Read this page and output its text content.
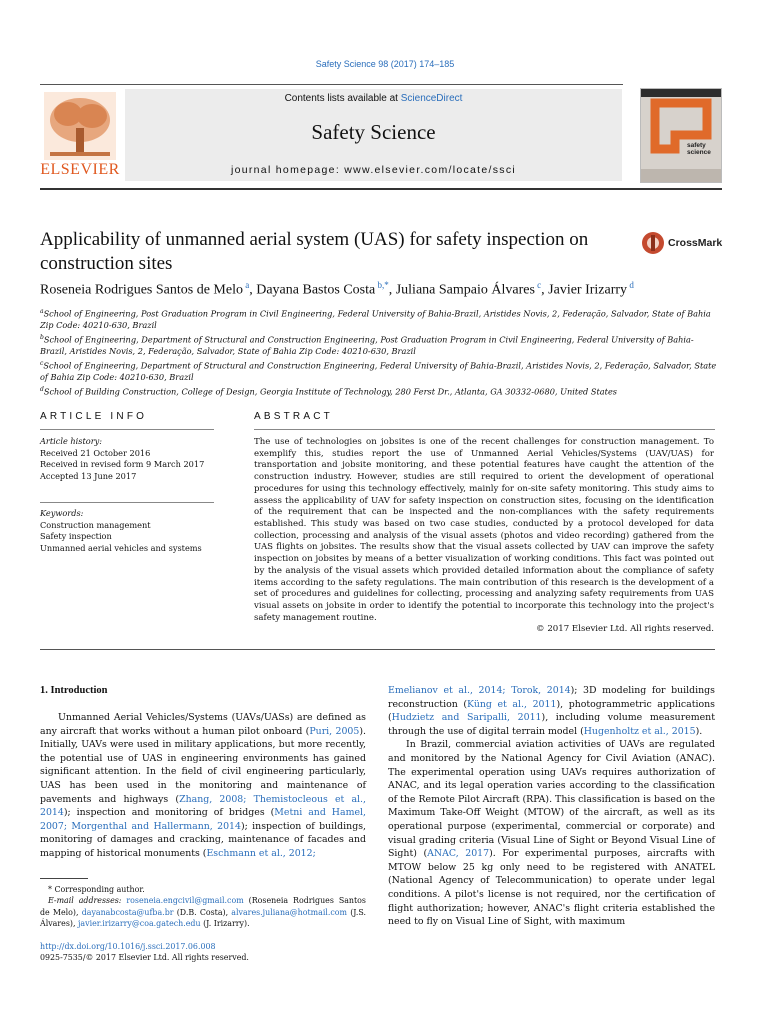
Safety Science 98 (2017) 174–185
ELSEVIER
Contents lists available at ScienceDirect
Safety Science
journal homepage: www.elsevier.com/locate/ssci
safety
science
Applicability of unmanned aerial system (UAS) for safety inspection on construction sites
CrossMark
Roseneia Rodrigues Santos de Melo $^a$, Dayana Bastos Costa $^{b,*}$, Juliana Sampaio Álvares $^c$, Javier Irizarry $^d$
$^a$School of Engineering, Post Graduation Program in Civil Engineering, Federal University of Bahia-Brazil, Aristides Novis, 2, Federação, Salvador, State of Bahia Zip Code: 40210-630, Brazil
$^b$School of Engineering, Department of Structural and Construction Engineering, Post Graduation Program in Civil Engineering, Federal University of Bahia-Brazil, Aristides Novis, 2, Federação, Salvador, State of Bahia Zip Code: 40210-630, Brazil
$^c$School of Engineering, Department of Structural and Construction Engineering, Federal University of Bahia-Brazil, Aristides Novis, 2, Federação, Salvador, State of Bahia Zip Code: 40210-630, Brazil
$^d$School of Building Construction, College of Design, Georgia Institute of Technology, 280 Ferst Dr., Atlanta, GA 30332-0680, United States
ARTICLE INFO
Article history:
Received 21 October 2016
Received in revised form 9 March 2017
Accepted 13 June 2017
Keywords:
Construction management
Safety inspection
Unmanned aerial vehicles and systems
ABSTRACT
The use of technologies on jobsites is one of the recent challenges for construction management. To exemplify this, studies report the use of Unmanned Aerial Vehicles/Systems (UAV/UAS) for transportation and jobsite monitoring, and these potential features have caught the attention of the construction industry. However, studies are still required to orient the development of operational procedures for using this technology effectively, mainly for on-site safety monitoring. This study aims to assess the applicability of UAV for safety inspection on construction sites, focusing on the identification of the requirement that can be inspected and the non-compliances with the safety requirements established. This study was based on two case studies, conducted by a protocol developed for data collection, processing and analysis of the visual assets (photos and video recording) gathered from the UAS flights on jobsites. The results show that the visual assets collected by UAV can improve the safety inspection on jobsites by means of a better visualization of working conditions. This fact was pointed out by the analysis of the visual assets which provided detailed information about the compliance of safety items according to the safety regulations. The main contribution of this research is the development of a set of procedures and guidelines for collecting, processing and analyzing safety requirements from UAS visual assets on jobsite in order to identify the potential to incorporate this technology into the project's safety management routine.
© 2017 Elsevier Ltd. All rights reserved.
1. Introduction
Unmanned Aerial Vehicles/Systems (UAVs/UASs) are defined as any aircraft that works without a human pilot onboard (Puri, 2005). Initially, UAVs were used in military applications, but more recently, the potential use of UAS in engineering environments has gained significant attention. In the field of civil engineering particularly, UAS has been used in the monitoring and maintenance of pavements and highways (Zhang, 2008; Themistocleous et al., 2014); inspection and monitoring of bridges (Metni and Hamel, 2007; Morgenthal and Hallermann, 2014); inspection of buildings, monitoring of damages and cracking, maintenance of facades and mapping of historical monuments (Eschmann et al., 2012;
Emelianov et al., 2014; Torok, 2014); 3D modeling for buildings reconstruction (Küng et al., 2011), photogrammetric applications (Hudzietz and Saripalli, 2011), including volume measurement through the use of digital terrain model (Hugenholtz et al., 2015).
In Brazil, commercial aviation activities of UAVs are regulated and monitored by the National Agency for Civil Aviation (ANAC). The experimental operation using UAVs requires authorization of ANAC, and its legal operation varies according to the classification of the Remote Pilot Aircraft (RPA). This classification is based on the Maximum Take-Off Weight (MTOW) of the aircraft, as well as its operational purpose (experimental, commercial or corporate) and visual grading criteria (Visual Line of Sight or Beyond Visual Line of Sight) (ANAC, 2017). For experimental purposes, aircrafts with MTOW below 25 kg only need to be registered with ANATEL (National Agency of Telecommunication) to operate under legal conditions. A pilot's license is not required, nor the certification of flight authorization; however, ANAC's flight criteria established the need to fly on Visual Line of Sight, with maximum
* Corresponding author.
E-mail addresses: roseneia.engcivil@gmail.com (Roseneia Rodrigues Santos de Melo), dayanabcosta@ufba.br (D.B. Costa), alvares.juliana@hotmail.com (J.S. Álvares), javier.irizarry@coa.gatech.edu (J. Irizarry).
http://dx.doi.org/10.1016/j.ssci.2017.06.008
0925-7535/© 2017 Elsevier Ltd. All rights reserved.
